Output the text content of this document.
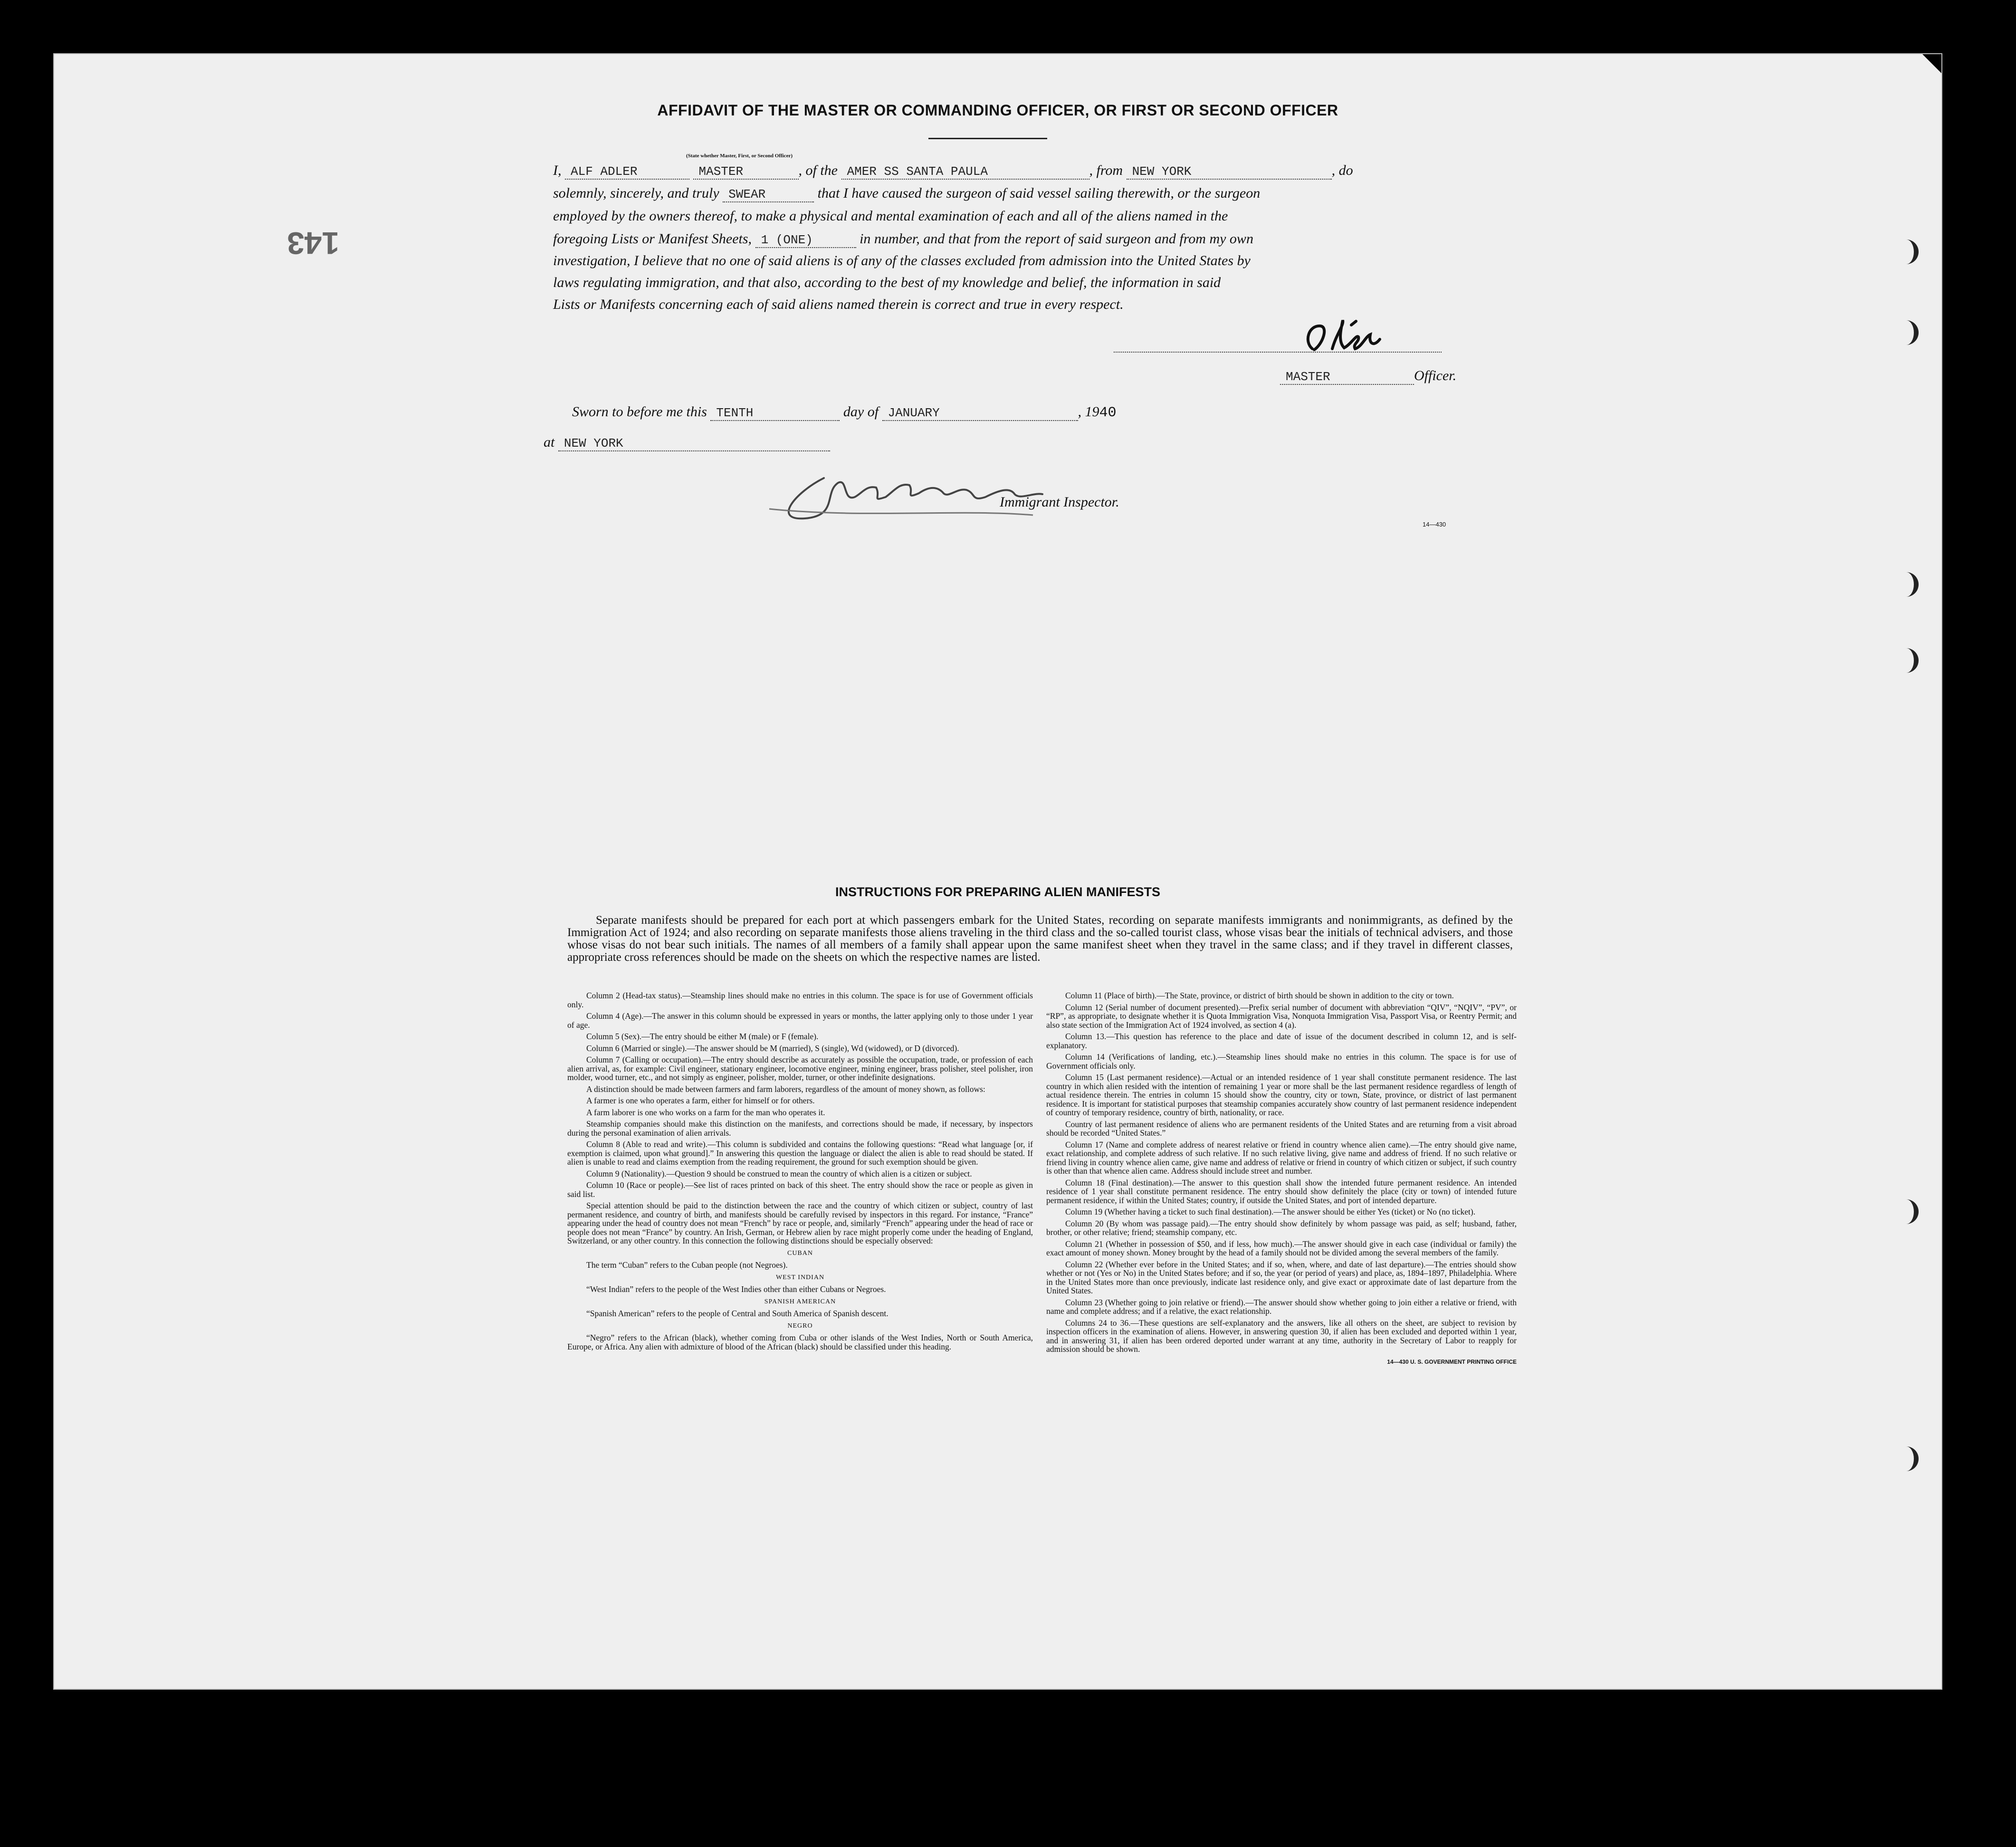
143
AFFIDAVIT OF THE MASTER OR COMMANDING OFFICER, OR FIRST OR SECOND OFFICER
I, ALF ADLER	MASTER	, of the AMER SS SANTA PAULA	, from NEW YORK	, do
(State whether Master, First, or Second Officer)
solemnly, sincerely, and truly SWEAR	that I have caused the surgeon of said vessel sailing therewith, or the surgeon
employed by the owners thereof, to make a physical and mental examination of each and all of the aliens named in the
foregoing Lists or Manifest Sheets, 1 (ONE)	in number, and that from the report of said surgeon and from my own
investigation, I believe that no one of said aliens is of any of the classes excluded from admission into the United States by
laws regulating immigration, and that also, according to the best of my knowledge and belief, the information in said
Lists or Manifests concerning each of said aliens named therein is correct and true in every respect.
MASTER	Officer.
Sworn to before me this TENTH	day of JANUARY	, 1940
at NEW YORK
Immigrant Inspector.
14—430
INSTRUCTIONS FOR PREPARING ALIEN MANIFESTS
Separate manifests should be prepared for each port at which passengers embark for the United States, recording on separate manifests immigrants and nonimmigrants, as defined by the Immigration Act of 1924; and also recording on separate manifests those aliens traveling in the third class and the so-called tourist class, whose visas bear the initials of technical advisers, and those whose visas do not bear such initials. The names of all members of a family shall appear upon the same manifest sheet when they travel in the same class; and if they travel in different classes, appropriate cross references should be made on the sheets on which the respective names are listed.

Column 2 (Head-tax status).—Steamship lines should make no entries in this column. The space is for use of Government officials only.

Column 4 (Age).—The answer in this column should be expressed in years or months, the latter applying only to those under 1 year of age.

Column 5 (Sex).—The entry should be either M (male) or F (female).

Column 6 (Married or single).—The answer should be M (married), S (single), Wd (widowed), or D (divorced).

Column 7 (Calling or occupation).—The entry should describe as accurately as possible the occupation, trade, or profession of each alien arrival, as, for example: Civil engineer, stationary engineer, locomotive engineer, mining engineer, brass polisher, steel polisher, iron molder, wood turner, etc., and not simply as engineer, polisher, molder, turner, or other indefinite designations.

A distinction should be made between farmers and farm laborers, regardless of the amount of money shown, as follows:

A farmer is one who operates a farm, either for himself or for others.

A farm laborer is one who works on a farm for the man who operates it.

Steamship companies should make this distinction on the manifests, and corrections should be made, if necessary, by inspectors during the personal examination of alien arrivals.

Column 8 (Able to read and write).—This column is subdivided and contains the following questions: “Read what language [or, if exemption is claimed, upon what ground].” In answering this question the language or dialect the alien is able to read should be stated. If alien is unable to read and claims exemption from the reading requirement, the ground for such exemption should be given.

Column 9 (Nationality).—Question 9 should be construed to mean the country of which alien is a citizen or subject.

Column 10 (Race or people).—See list of races printed on back of this sheet. The entry should show the race or people as given in said list.

Special attention should be paid to the distinction between the race and the country of which citizen or subject, country of last permanent residence, and country of birth, and manifests should be carefully revised by inspectors in this regard. For instance, “France” appearing under the head of country does not mean “French” by race or people, and, similarly “French” appearing under the head of race or people does not mean “France” by country. An Irish, German, or Hebrew alien by race might properly come under the heading of England, Switzerland, or any other country. In this connection the following distinctions should be especially observed:

CUBAN

The term “Cuban” refers to the Cuban people (not Negroes).

WEST INDIAN

“West Indian” refers to the people of the West Indies other than either Cubans or Negroes.

SPANISH AMERICAN

“Spanish American” refers to the people of Central and South America of Spanish descent.

NEGRO

“Negro” refers to the African (black), whether coming from Cuba or other islands of the West Indies, North or South America, Europe, or Africa. Any alien with admixture of blood of the African (black) should be classified under this heading.

Column 11 (Place of birth).—The State, province, or district of birth should be shown in addition to the city or town.

Column 12 (Serial number of document presented).—Prefix serial number of document with abbreviation “QIV”, “NQIV”, “PV”, or “RP”, as appropriate, to designate whether it is Quota Immigration Visa, Nonquota Immigration Visa, Passport Visa, or Reentry Permit; and also state section of the Immigration Act of 1924 involved, as section 4 (a).

Column 13.—This question has reference to the place and date of issue of the document described in column 12, and is self-explanatory.

Column 14 (Verifications of landing, etc.).—Steamship lines should make no entries in this column. The space is for use of Government officials only.

Column 15 (Last permanent residence).—Actual or an intended residence of 1 year shall constitute permanent residence. The last country in which alien resided with the intention of remaining 1 year or more shall be the last permanent residence regardless of length of actual residence therein. The entries in column 15 should show the country, city or town, State, province, or district of last permanent residence. It is important for statistical purposes that steamship companies accurately show country of last permanent residence independent of country of temporary residence, country of birth, nationality, or race.

Country of last permanent residence of aliens who are permanent residents of the United States and are returning from a visit abroad should be recorded “United States.”

Column 17 (Name and complete address of nearest relative or friend in country whence alien came).—The entry should give name, exact relationship, and complete address of such relative. If no such relative living, give name and address of friend. If no such relative or friend living in country whence alien came, give name and address of relative or friend in country of which citizen or subject, if such country is other than that whence alien came. Address should include street and number.

Column 18 (Final destination).—The answer to this question shall show the intended future permanent residence. An intended residence of 1 year shall constitute permanent residence. The entry should show definitely the place (city or town) of intended future permanent residence, if within the United States; country, if outside the United States, and port of intended departure.

Column 19 (Whether having a ticket to such final destination).—The answer should be either Yes (ticket) or No (no ticket).

Column 20 (By whom was passage paid).—The entry should show definitely by whom passage was paid, as self; husband, father, brother, or other relative; friend; steamship company, etc.

Column 21 (Whether in possession of $50, and if less, how much).—The answer should give in each case (individual or family) the exact amount of money shown. Money brought by the head of a family should not be divided among the several members of the family.

Column 22 (Whether ever before in the United States; and if so, when, where, and date of last departure).—The entries should show whether or not (Yes or No) in the United States before; and if so, the year (or period of years) and place, as, 1894–1897, Philadelphia. Where in the United States more than once previously, indicate last residence only, and give exact or approximate date of last departure from the United States.

Column 23 (Whether going to join relative or friend).—The answer should show whether going to join either a relative or friend, with name and complete address; and if a relative, the exact relationship.

Columns 24 to 36.—These questions are self-explanatory and the answers, like all others on the sheet, are subject to revision by inspection officers in the examination of aliens. However, in answering question 30, if alien has been excluded and deported within 1 year, and in answering 31, if alien has been ordered deported under warrant at any time, authority in the Secretary of Labor to reapply for admission should be shown.

14—430 U. S. GOVERNMENT PRINTING OFFICE
